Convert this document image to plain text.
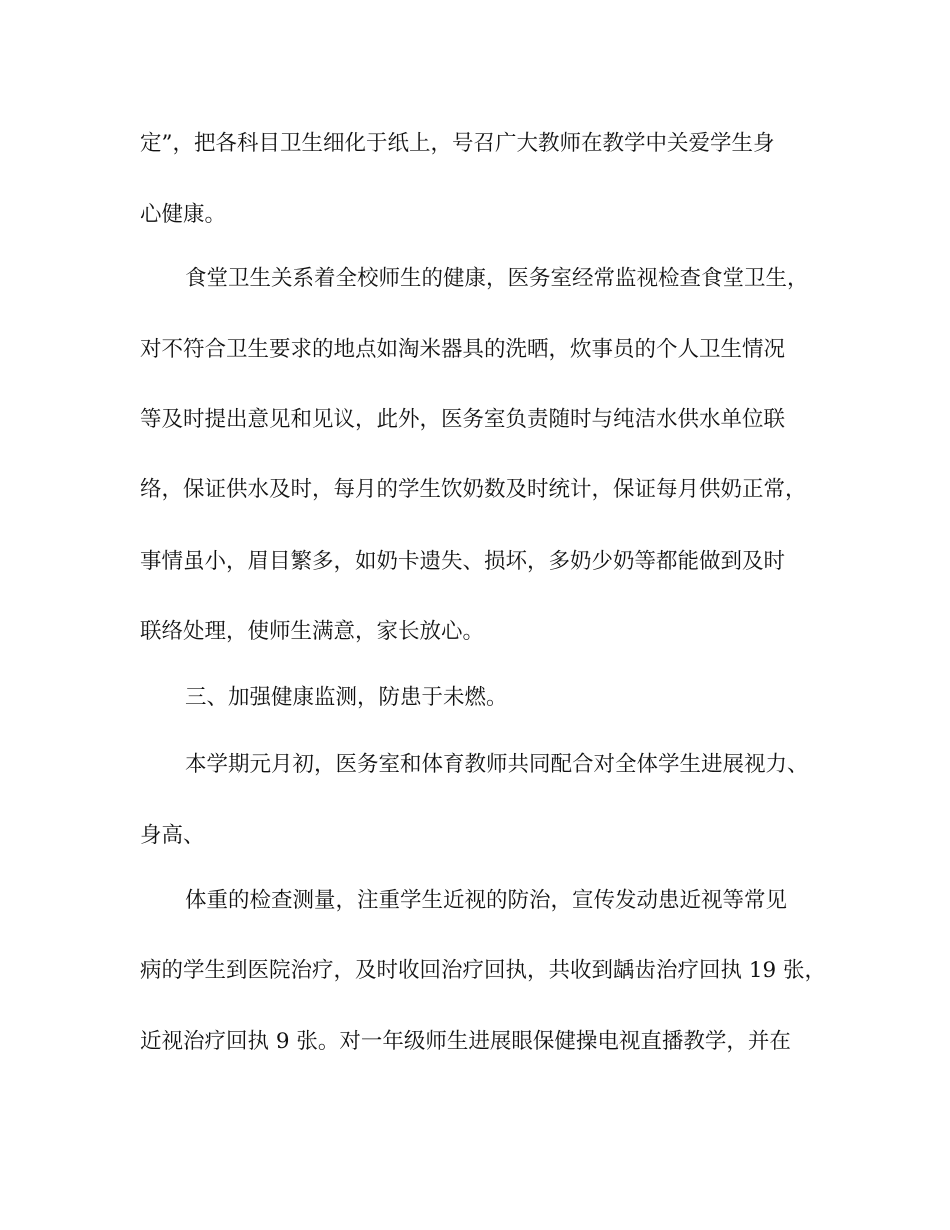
定”，把各科目卫生细化于纸上，号召广大教师在教学中关爱学生身
心健康。
食堂卫生关系着全校师生的健康，医务室经常监视检查食堂卫生，
对不符合卫生要求的地点如淘米器具的洗晒，炊事员的个人卫生情况
等及时提出意见和见议，此外，医务室负责随时与纯洁水供水单位联
络，保证供水及时，每月的学生饮奶数及时统计，保证每月供奶正常，
事情虽小，眉目繁多，如奶卡遗失、损坏，多奶少奶等都能做到及时
联络处理，使师生满意，家长放心。
三、加强健康监测，防患于未燃。
本学期元月初，医务室和体育教师共同配合对全体学生进展视力、
身高、
体重的检查测量，注重学生近视的防治，宣传发动患近视等常见
病的学生到医院治疗，及时收回治疗回执，共收到龋齿治疗回执 19 张，
近视治疗回执 9 张。对一年级师生进展眼保健操电视直播教学，并在
